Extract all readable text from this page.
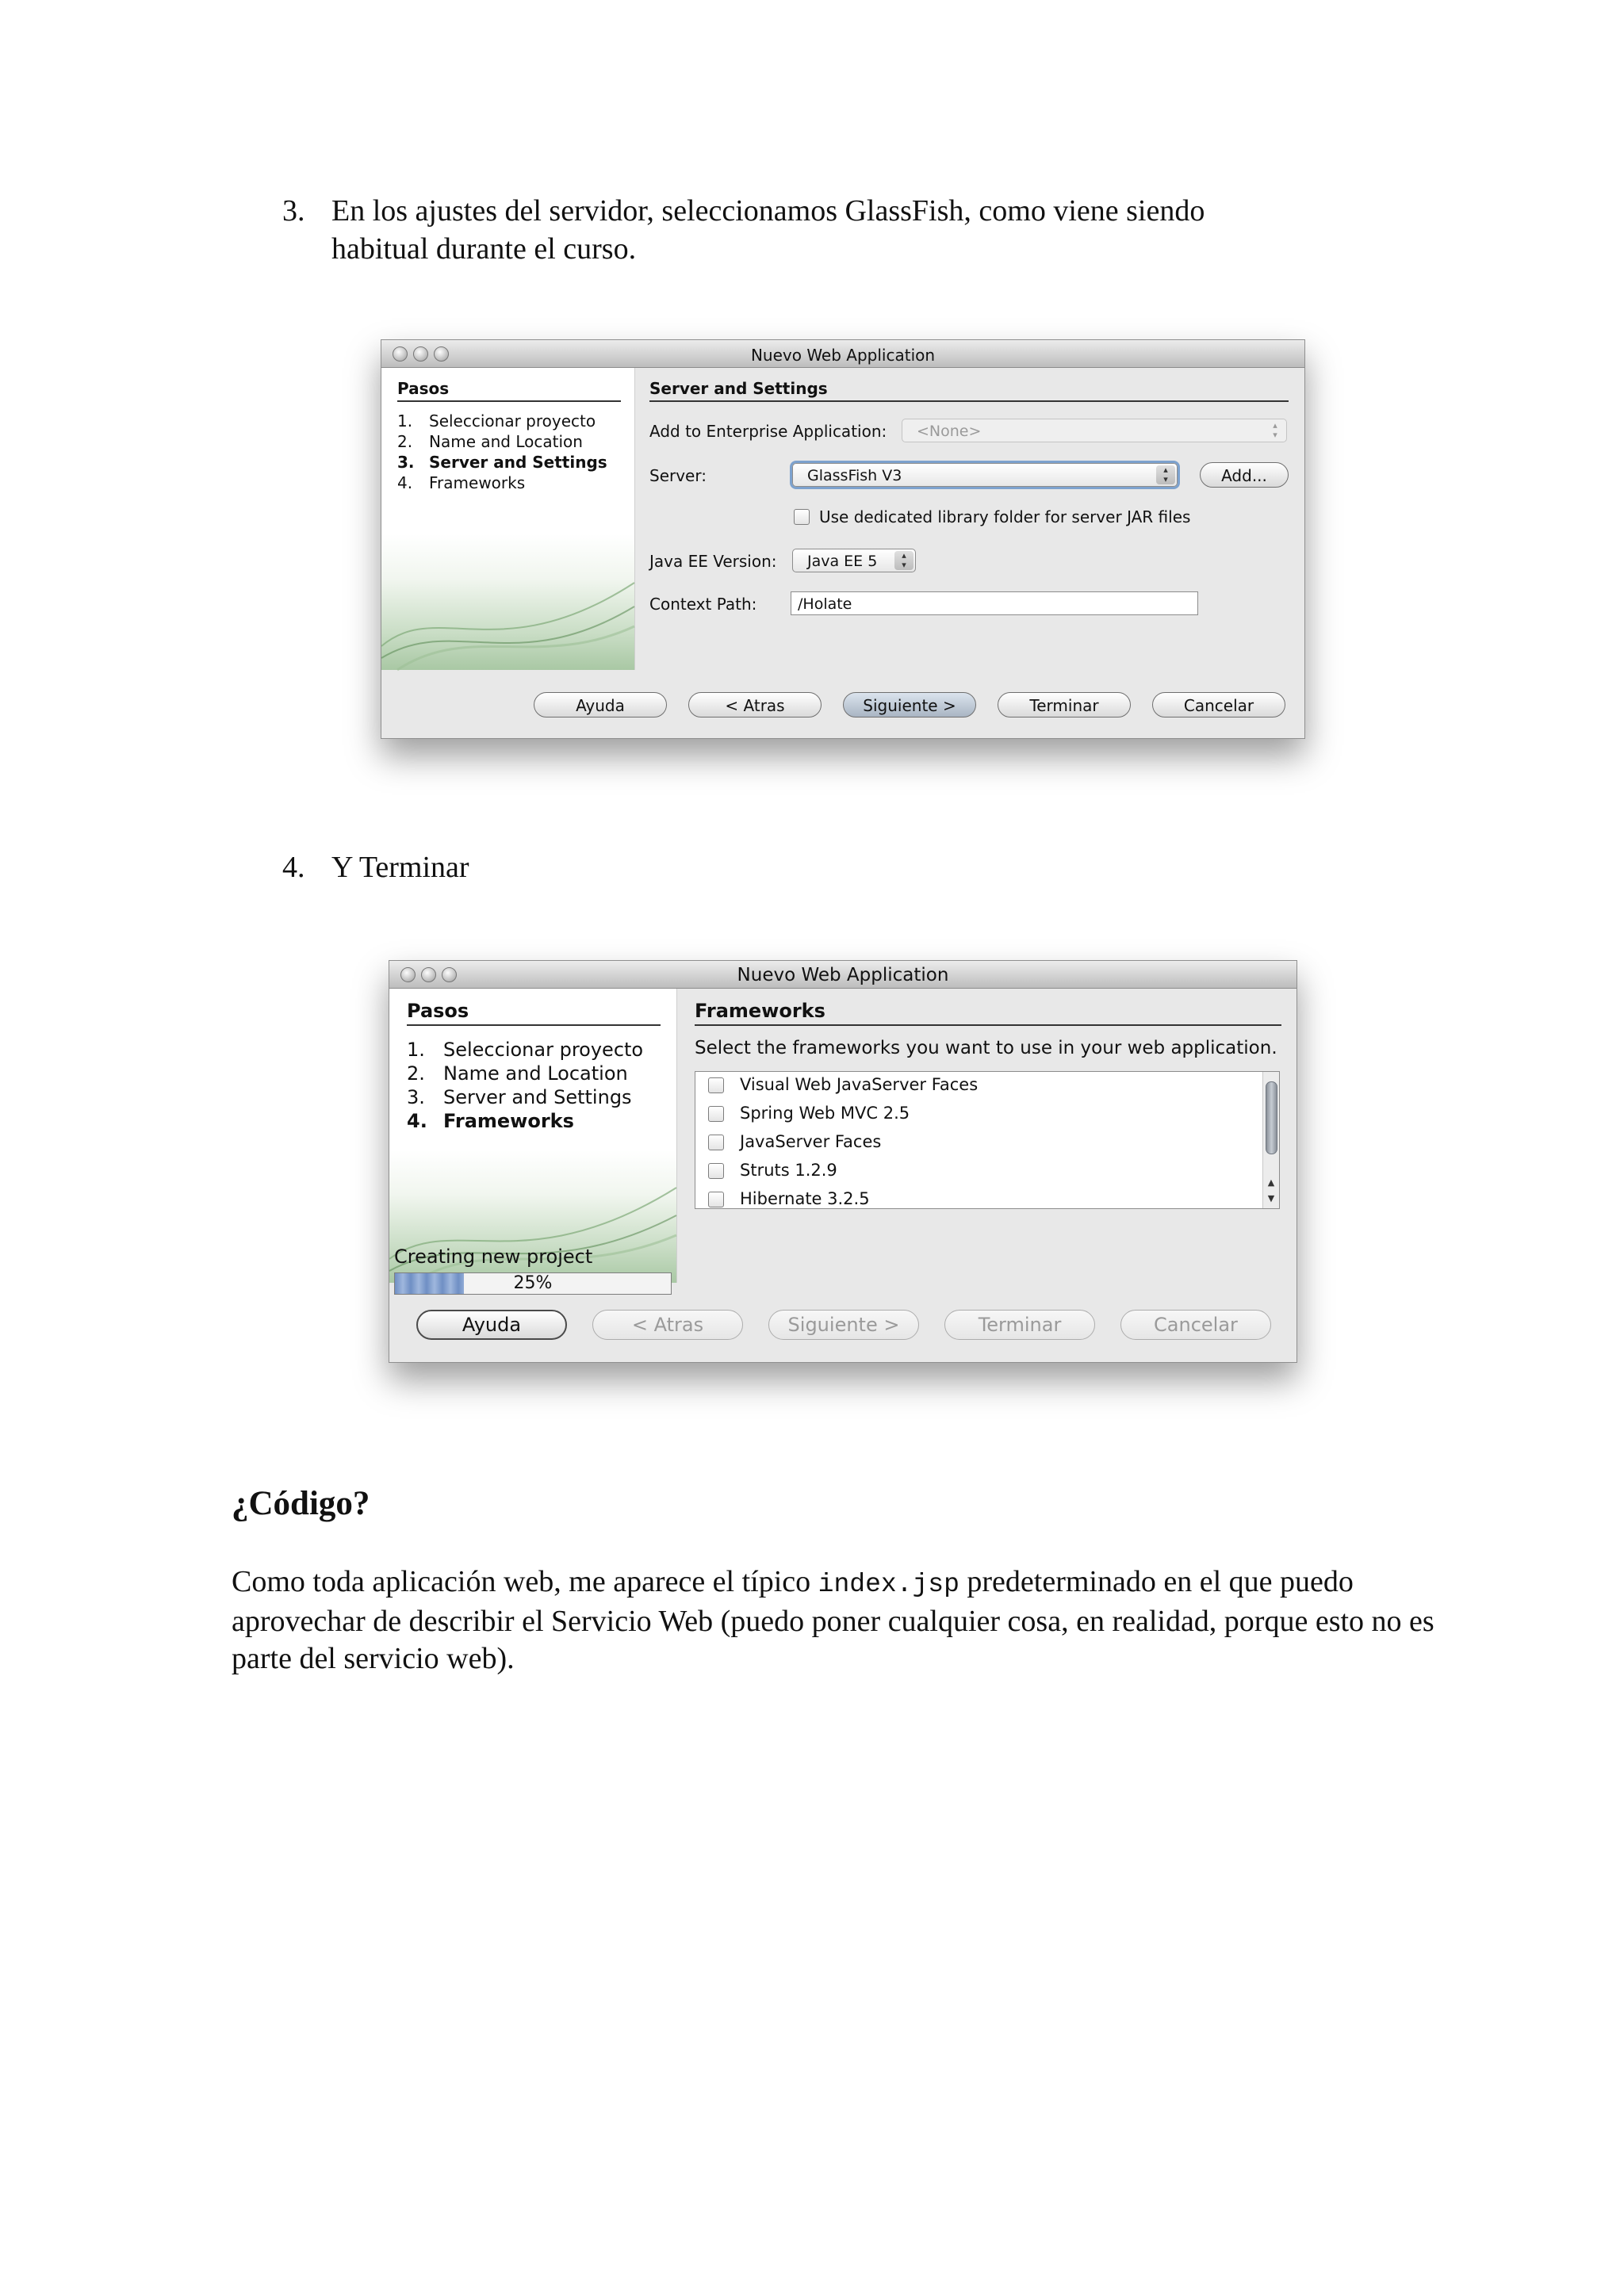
3. En los ajustes del servidor, seleccionamos GlassFish, como viene siendo
habitual durante el curso.
Nuevo Web Application
Pasos
1. Seleccionar proyecto
2. Name and Location
3. Server and Settings
4. Frameworks
Server and Settings
Add to Enterprise Application:	<None>	▴
▾
Server:	GlassFish V3	▴
▾	Add...
Use dedicated library folder for server JAR files
Java EE Version:	Java EE 5	▴
▾
Context Path:	/Holate
Ayuda	< Atras	Siguiente >	Terminar	Cancelar
4. Y Terminar
Nuevo Web Application
Pasos
1. Seleccionar proyecto
2. Name and Location
3. Server and Settings
4. Frameworks
Creating new project
25%
Frameworks
Select the frameworks you want to use in your web application.
Visual Web JavaServer Faces
Spring Web MVC 2.5
JavaServer Faces
Struts 1.2.9
Hibernate 3.2.5
▲
▼
Ayuda	< Atras	Siguiente >	Terminar	Cancelar
¿Código?
Como toda aplicación web, me aparece el típico index.jsp predeterminado en el que puedo aprovechar de describir el Servicio Web (puedo poner cualquier cosa, en realidad, porque esto no es parte del servicio web).
